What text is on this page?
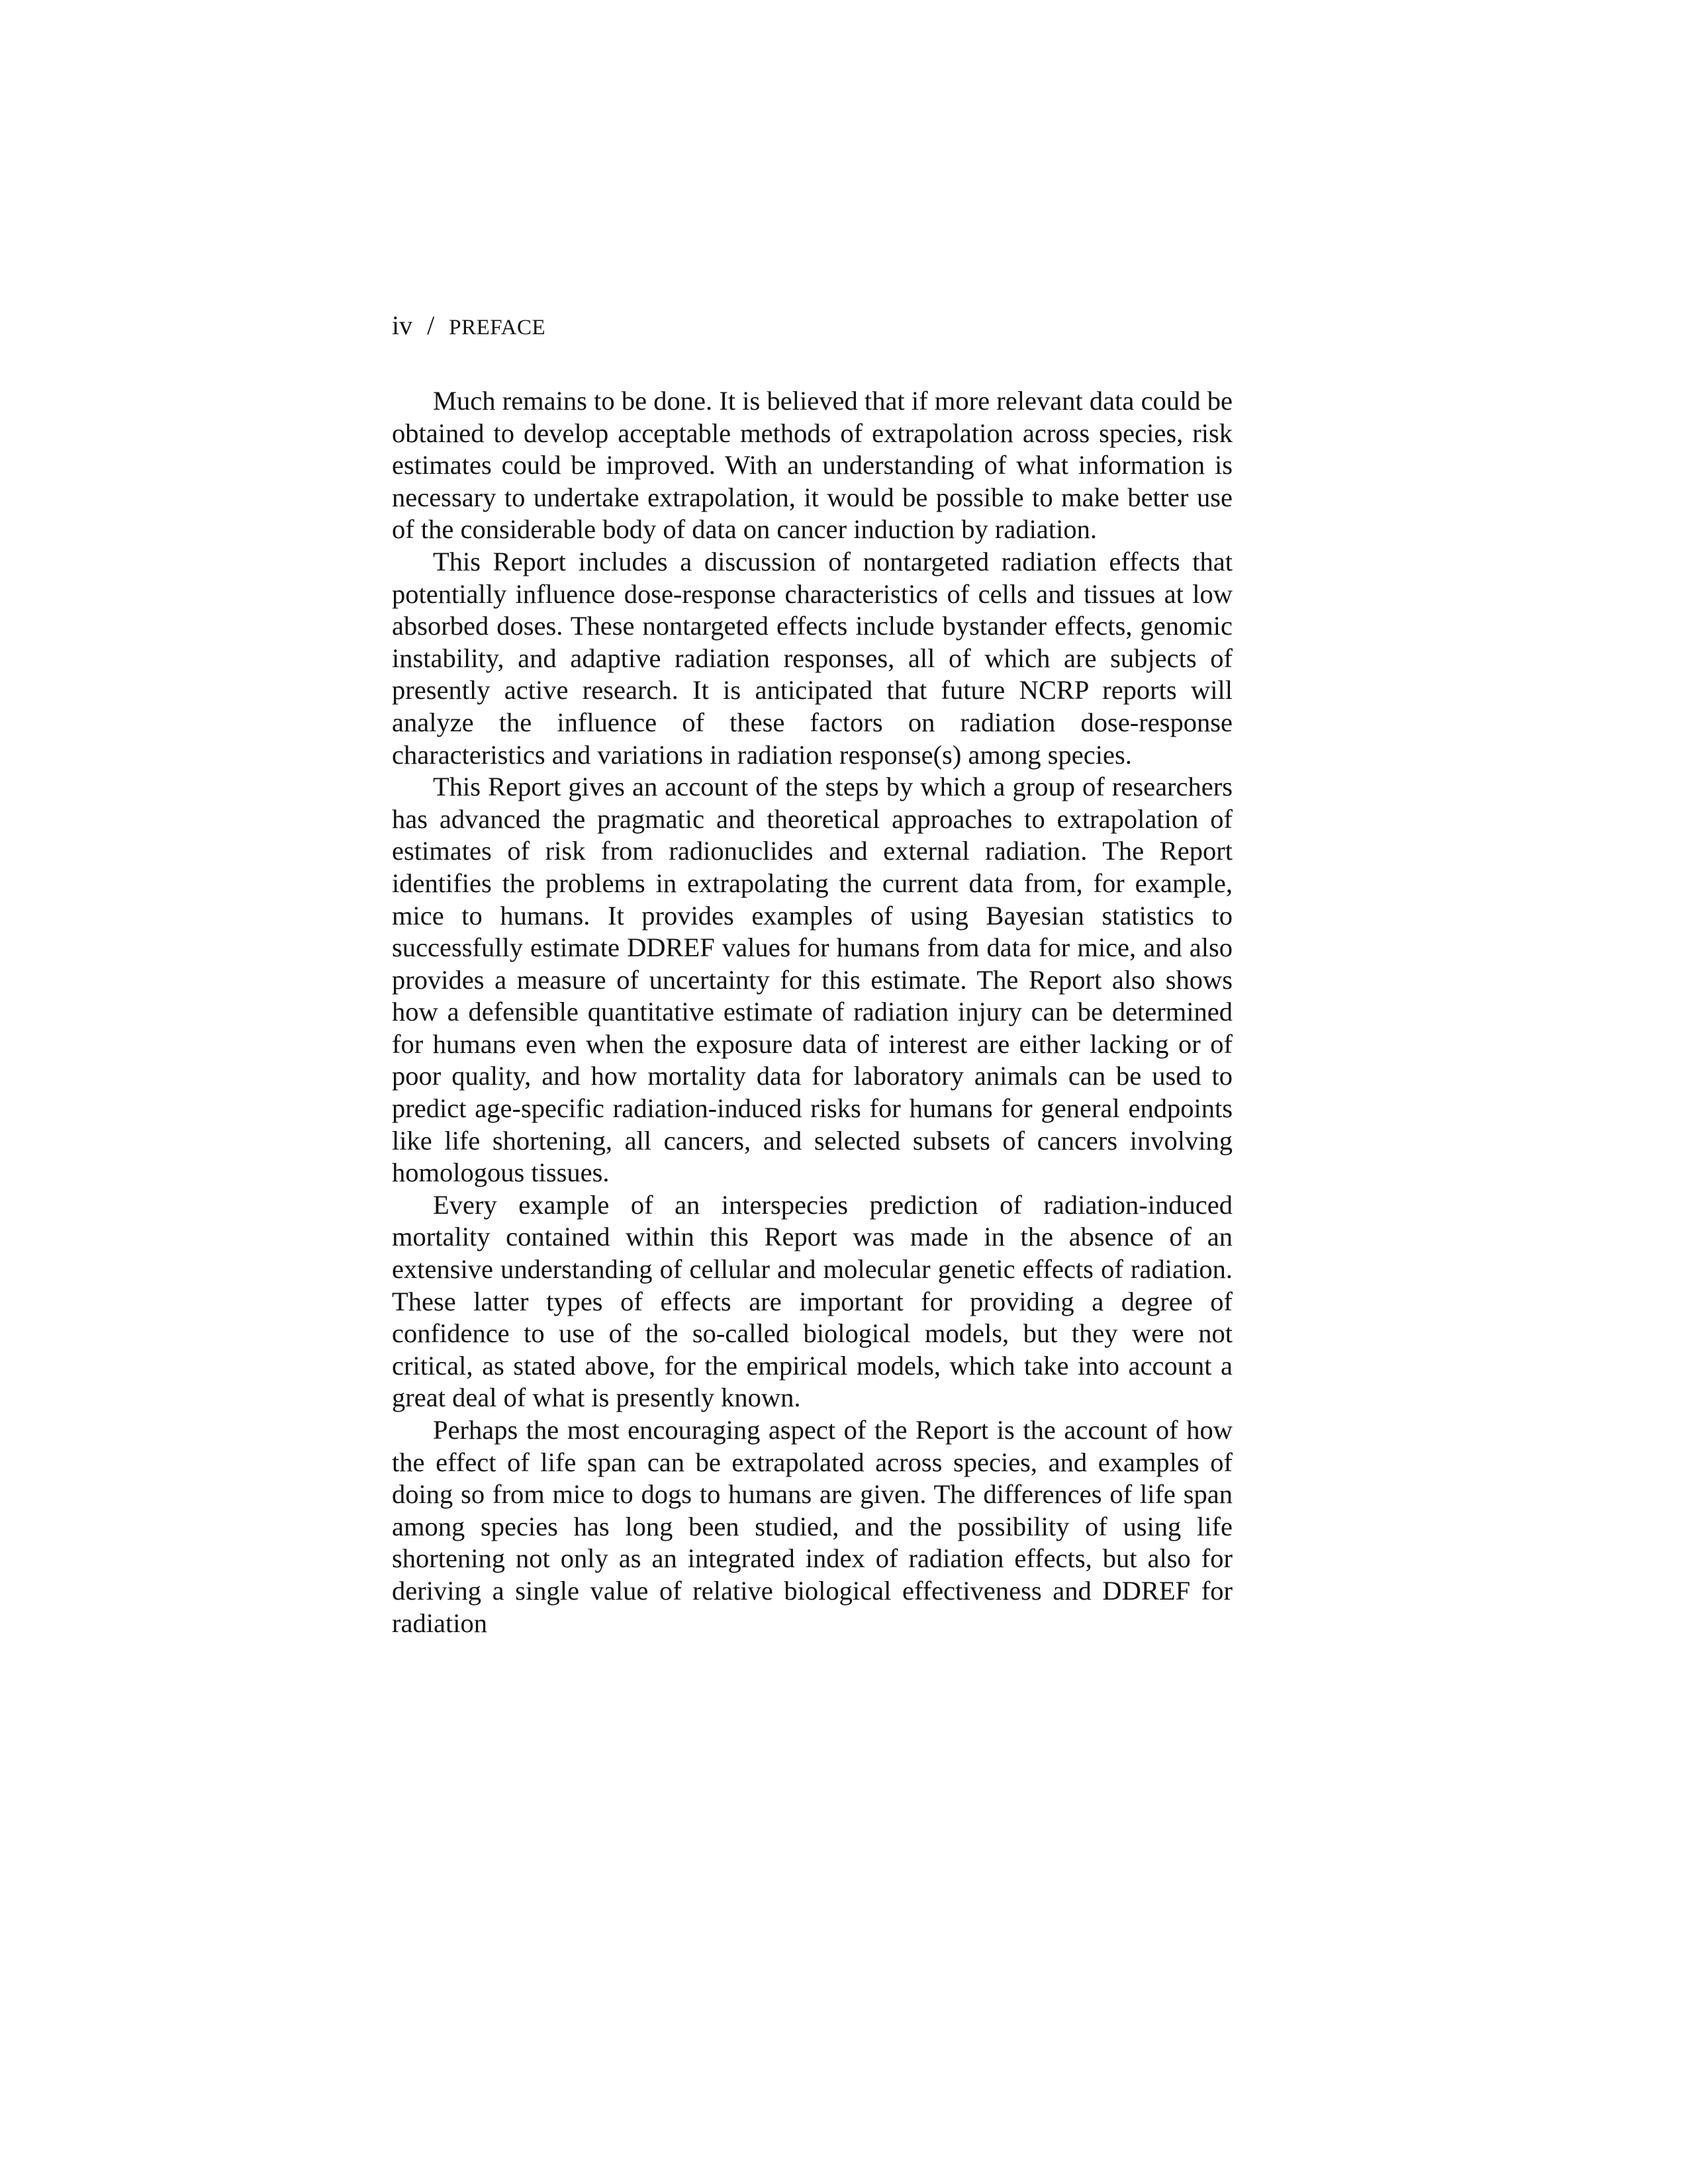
iv / PREFACE

Much remains to be done. It is believed that if more relevant data could be obtained to develop acceptable methods of extrapolation across species, risk estimates could be improved. With an understanding of what information is necessary to undertake extrapolation, it would be possible to make better use of the considerable body of data on cancer induction by radiation.

This Report includes a discussion of nontargeted radiation effects that potentially influence dose-response characteristics of cells and tissues at low absorbed doses. These nontargeted effects include bystander effects, genomic instability, and adaptive radiation responses, all of which are subjects of presently active research. It is anticipated that future NCRP reports will analyze the influence of these factors on radiation dose-response characteristics and variations in radiation response(s) among species.

This Report gives an account of the steps by which a group of researchers has advanced the pragmatic and theoretical approaches to extrapolation of estimates of risk from radionuclides and external radiation. The Report identifies the problems in extrapolating the current data from, for example, mice to humans. It provides examples of using Bayesian statistics to successfully estimate DDREF values for humans from data for mice, and also provides a measure of uncertainty for this estimate. The Report also shows how a defensible quantitative estimate of radiation injury can be determined for humans even when the exposure data of interest are either lacking or of poor quality, and how mortality data for laboratory animals can be used to predict age-specific radiation-induced risks for humans for general endpoints like life shortening, all cancers, and selected subsets of cancers involving homologous tissues.

Every example of an interspecies prediction of radiation-induced mortality contained within this Report was made in the absence of an extensive understanding of cellular and molecular genetic effects of radiation. These latter types of effects are important for providing a degree of confidence to use of the so-called biological models, but they were not critical, as stated above, for the empirical models, which take into account a great deal of what is presently known.

Perhaps the most encouraging aspect of the Report is the account of how the effect of life span can be extrapolated across species, and examples of doing so from mice to dogs to humans are given. The differences of life span among species has long been studied, and the possibility of using life shortening not only as an integrated index of radiation effects, but also for deriving a single value of relative biological effectiveness and DDREF for radiation
